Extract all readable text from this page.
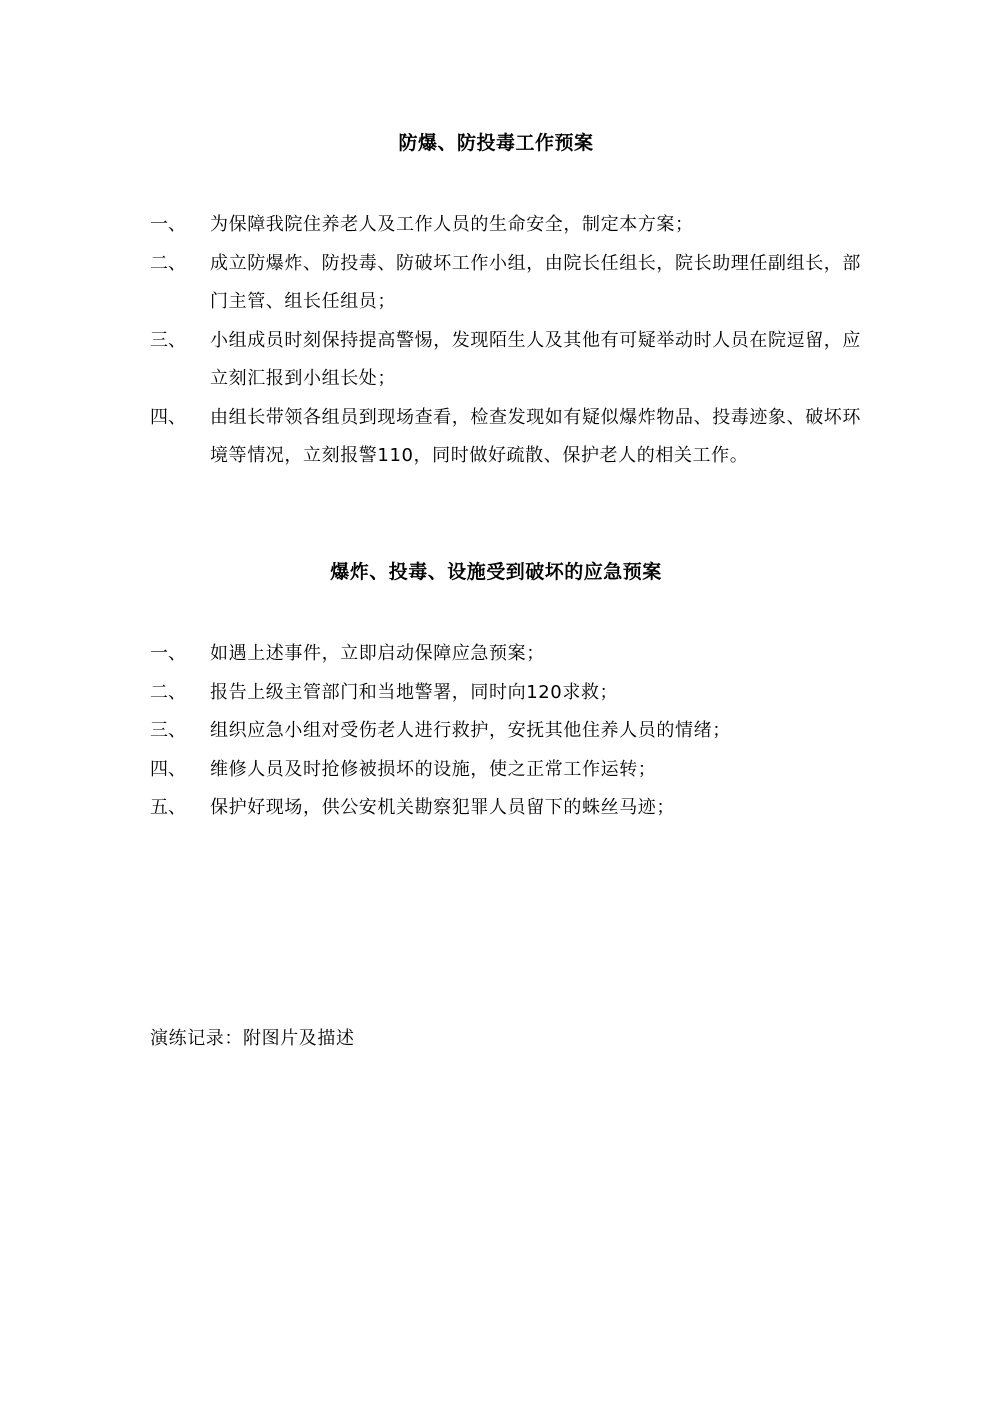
防爆、防投毒工作预案
一、	为保障我院住养老人及工作人员的生命安全，制定本方案；
二、	成立防爆炸、防投毒、防破坏工作小组，由院长任组长，院长助理任副组长，部门主管、组长任组员；
三、	小组成员时刻保持提高警惕，发现陌生人及其他有可疑举动时人员在院逗留，应立刻汇报到小组长处；
四、	由组长带领各组员到现场查看，检查发现如有疑似爆炸物品、投毒迹象、破坏环境等情况，立刻报警110，同时做好疏散、保护老人的相关工作。
爆炸、投毒、设施受到破坏的应急预案
一、	如遇上述事件，立即启动保障应急预案；
二、	报告上级主管部门和当地警署，同时向120求救；
三、	组织应急小组对受伤老人进行救护，安抚其他住养人员的情绪；
四、	维修人员及时抢修被损坏的设施，使之正常工作运转；
五、	保护好现场，供公安机关勘察犯罪人员留下的蛛丝马迹；
演练记录：附图片及描述
